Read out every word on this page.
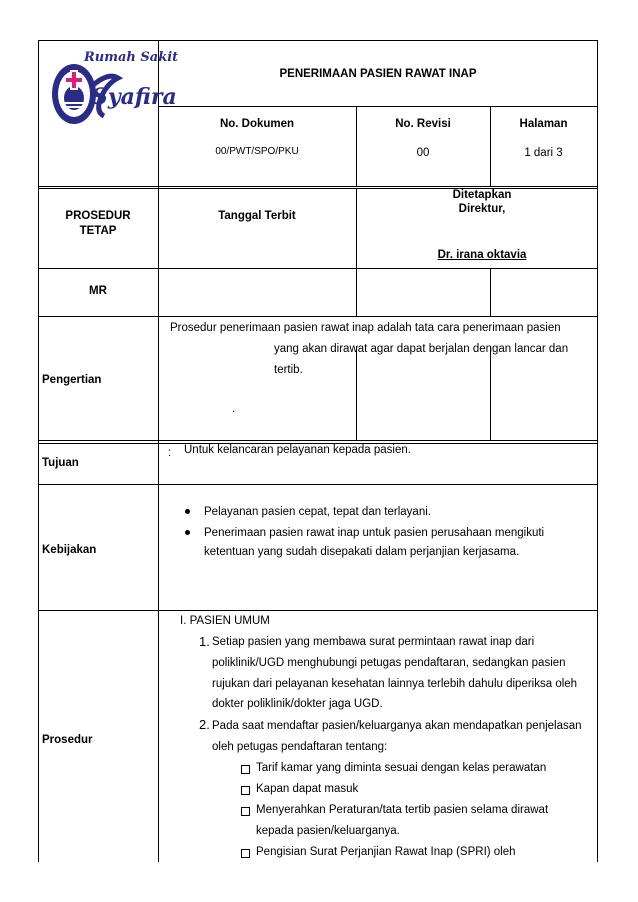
Rumah Sakit
Syafira
PENERIMAAN PASIEN RAWAT INAP
No. Dokumen
00/PWT/SPO/PKU
No. Revisi
00
Halaman
1 dari 3
PROSEDUR
TETAP
Tanggal Terbit
Ditetapkan
Direktur,
Dr. irana oktavia
MR
Pengertian
Prosedur penerimaan pasien rawat inap adalah tata cara penerimaan pasien
yang akan dirawat agar dapat berjalan dengan lancar dan
tertib.
.
Tujuan
: Untuk kelancaran pelayanan kepada pasien.
Kebijakan
Pelayanan pasien cepat, tepat dan terlayani.
Penerimaan pasien rawat inap untuk pasien perusahaan mengikuti
ketentuan yang sudah disepakati dalam perjanjian kerjasama.
Prosedur
I. PASIEN UMUM
1. Setiap pasien yang membawa surat permintaan rawat inap dari
poliklinik/UGD menghubungi petugas pendaftaran, sedangkan pasien
rujukan dari pelayanan kesehatan lainnya terlebih dahulu diperiksa oleh
dokter poliklinik/dokter jaga UGD.
2. Pada saat mendaftar pasien/keluarganya akan mendapatkan penjelasan
oleh petugas pendaftaran tentang:
Tarif kamar yang diminta sesuai dengan kelas perawatan
Kapan dapat masuk
Menyerahkan Peraturan/tata tertib pasien selama dirawat
kepada pasien/keluarganya.
Pengisian Surat Perjanjian Rawat Inap (SPRI) oleh
